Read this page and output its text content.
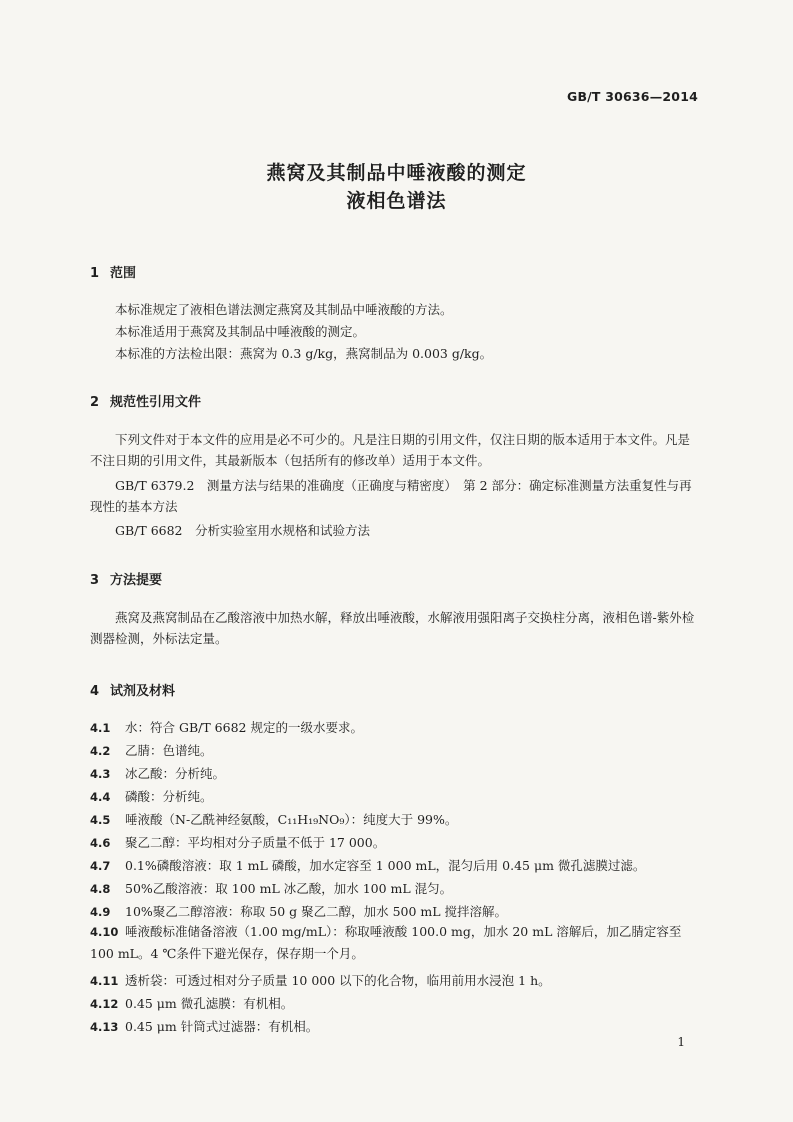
GB/T 30636—2014
燕窝及其制品中唾液酸的测定
液相色谱法
1 范围
本标准规定了液相色谱法测定燕窝及其制品中唾液酸的方法。
本标准适用于燕窝及其制品中唾液酸的测定。
本标准的方法检出限：燕窝为 0.3 g/kg，燕窝制品为 0.003 g/kg。
2 规范性引用文件
下列文件对于本文件的应用是必不可少的。凡是注日期的引用文件，仅注日期的版本适用于本文件。凡是不注日期的引用文件，其最新版本（包括所有的修改单）适用于本文件。
GB/T 6379.2　测量方法与结果的准确度（正确度与精密度）　第 2 部分：确定标准测量方法重复性与再现性的基本方法
GB/T 6682　分析实验室用水规格和试验方法
3 方法提要
燕窝及燕窝制品在乙酸溶液中加热水解，释放出唾液酸，水解液用强阳离子交换柱分离，液相色谱-紫外检测器检测，外标法定量。
4 试剂及材料
4.1 水：符合 GB/T 6682 规定的一级水要求。
4.2 乙腈：色谱纯。
4.3 冰乙酸：分析纯。
4.4 磷酸：分析纯。
4.5 唾液酸（N-乙酰神经氨酸，C₁₁H₁₉NO₉）：纯度大于 99%。
4.6 聚乙二醇：平均相对分子质量不低于 17 000。
4.7 0.1%磷酸溶液：取 1 mL 磷酸，加水定容至 1 000 mL，混匀后用 0.45 μm 微孔滤膜过滤。
4.8 50%乙酸溶液：取 100 mL 冰乙酸，加水 100 mL 混匀。
4.9 10%聚乙二醇溶液：称取 50 g 聚乙二醇，加水 500 mL 搅拌溶解。
4.10 唾液酸标准储备溶液（1.00 mg/mL）：称取唾液酸 100.0 mg，加水 20 mL 溶解后，加乙腈定容至 100 mL。4 ℃条件下避光保存，保存期一个月。
4.11 透析袋：可透过相对分子质量 10 000 以下的化合物，临用前用水浸泡 1 h。
4.12 0.45 μm 微孔滤膜：有机相。
4.13 0.45 μm 针筒式过滤器：有机相。
1
